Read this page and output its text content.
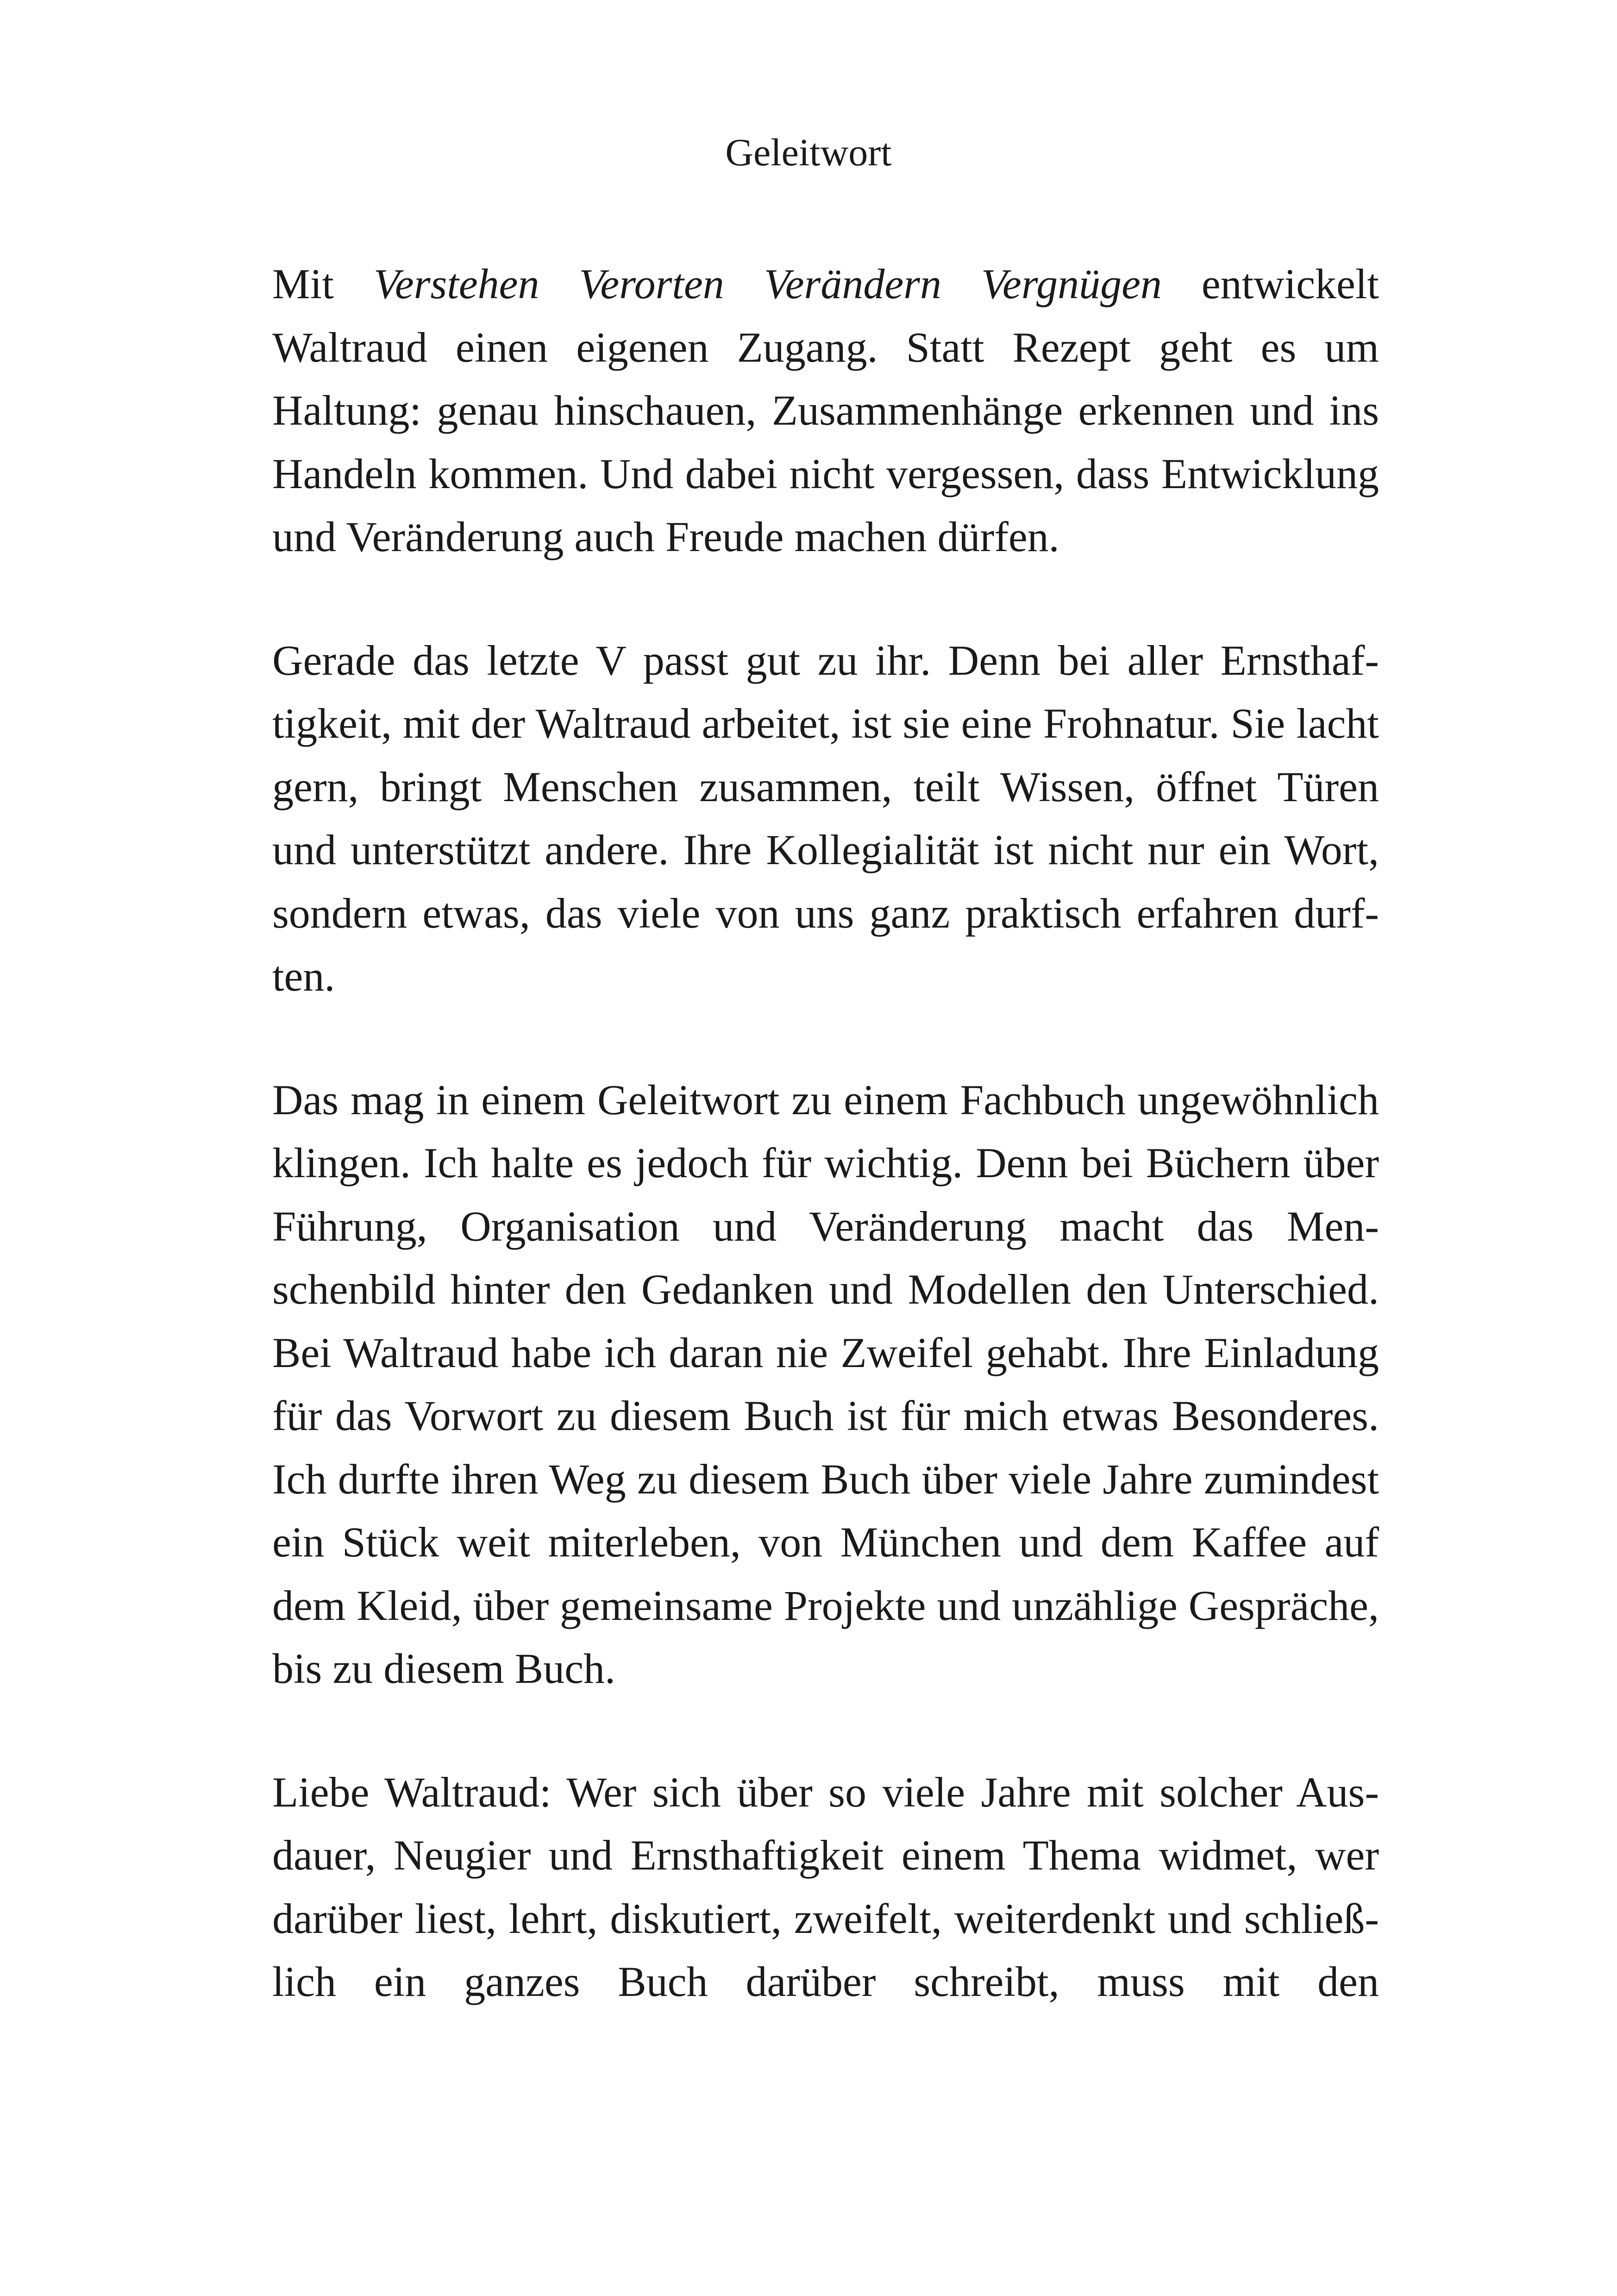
Geleitwort

Mit Verstehen Verorten Verändern Vergnügen entwickelt Waltraud einen eigenen Zugang. Statt Rezept geht es um Haltung: genau hinschauen, Zusammenhänge erkennen und ins Handeln kommen. Und dabei nicht vergessen, dass Entwicklung und Veränderung auch Freude machen dürfen.

Gerade das letzte V passt gut zu ihr. Denn bei aller Ernsthaftigkeit, mit der Waltraud arbeitet, ist sie eine Frohnatur. Sie lacht gern, bringt Menschen zusammen, teilt Wissen, öffnet Türen und unterstützt andere. Ihre Kollegialität ist nicht nur ein Wort, sondern etwas, das viele von uns ganz praktisch erfahren durften.

Das mag in einem Geleitwort zu einem Fachbuch ungewöhnlich klingen. Ich halte es jedoch für wichtig. Denn bei Büchern über Führung, Organisation und Veränderung macht das Menschenbild hinter den Gedanken und Modellen den Unterschied. Bei Waltraud habe ich daran nie Zweifel gehabt. Ihre Einladung für das Vorwort zu diesem Buch ist für mich etwas Besonderes. Ich durfte ihren Weg zu diesem Buch über viele Jahre zumindest ein Stück weit miterleben, von München und dem Kaffee auf dem Kleid, über gemeinsame Projekte und unzählige Gespräche, bis zu diesem Buch.

Liebe Waltraud: Wer sich über so viele Jahre mit solcher Ausdauer, Neugier und Ernsthaftigkeit einem Thema widmet, wer darüber liest, lehrt, diskutiert, zweifelt, weiterdenkt und schließlich ein ganzes Buch darüber schreibt, muss mit den
